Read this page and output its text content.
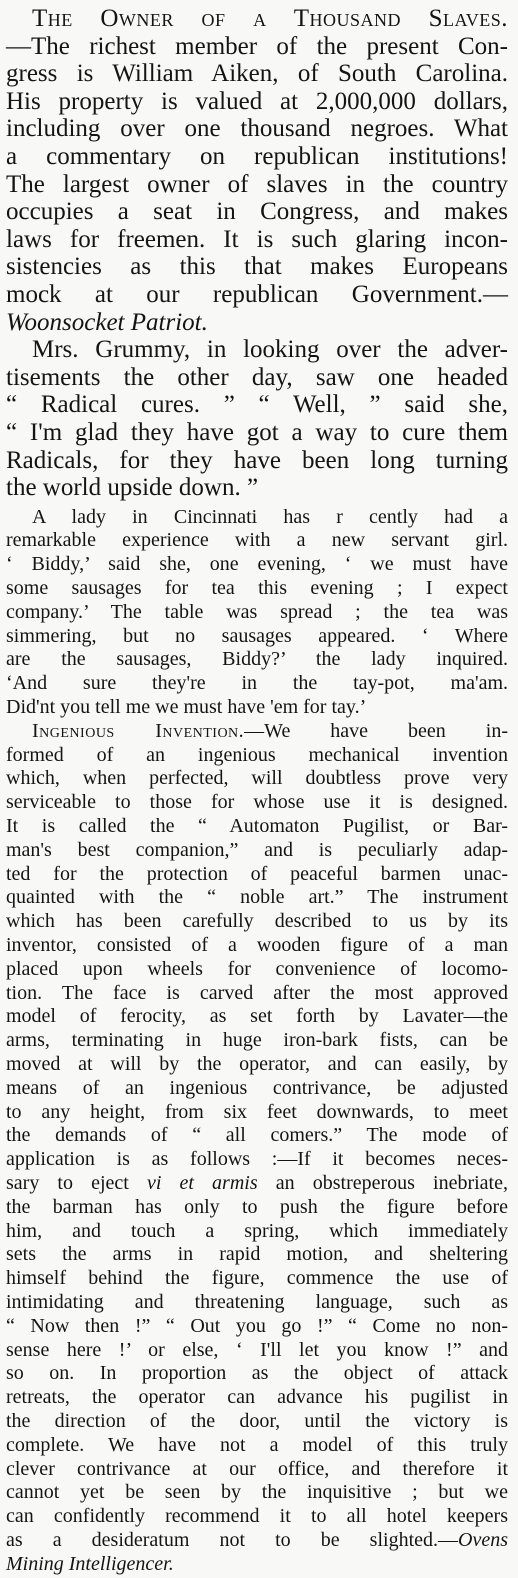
The Owner of a Thousand Slaves.
—The richest member of the present Con-
gress is William Aiken, of South Carolina.
His property is valued at 2,000,000 dollars,
including over one thousand negroes. What
a commentary on republican institutions!
The largest owner of slaves in the country
occupies a seat in Congress, and makes
laws for freemen. It is such glaring incon-
sistencies as this that makes Europeans
mock at our republican Government.—
Woonsocket Patriot.
Mrs. Grummy, in looking over the adver-
tisements the other day, saw one headed
“ Radical cures. ” “ Well, ” said she,
“ I'm glad they have got a way to cure them
Radicals, for they have been long turning
the world upside down. ”
A lady in Cincinnati has r cently had a
remarkable experience with a new servant girl.
‘ Biddy,’ said she, one evening, ‘ we must have
some sausages for tea this evening ; I expect
company.’ The table was spread ; the tea was
simmering, but no sausages appeared. ‘ Where
are the sausages, Biddy?’ the lady inquired.
‘And sure they're in the tay-pot, ma'am.
Did'nt you tell me we must have 'em for tay.’
Ingenious Invention.—We have been in-
formed of an ingenious mechanical invention
which, when perfected, will doubtless prove very
serviceable to those for whose use it is designed.
It is called the “ Automaton Pugilist, or Bar-
man's best companion,” and is peculiarly adap-
ted for the protection of peaceful barmen unac-
quainted with the “ noble art.” The instrument
which has been carefully described to us by its
inventor, consisted of a wooden figure of a man
placed upon wheels for convenience of locomo-
tion. The face is carved after the most approved
model of ferocity, as set forth by Lavater—the
arms, terminating in huge iron-bark fists, can be
moved at will by the operator, and can easily, by
means of an ingenious contrivance, be adjusted
to any height, from six feet downwards, to meet
the demands of “ all comers.” The mode of
application is as follows :—If it becomes neces-
sary to eject vi et armis an obstreperous inebriate,
the barman has only to push the figure before
him, and touch a spring, which immediately
sets the arms in rapid motion, and sheltering
himself behind the figure, commence the use of
intimidating and threatening language, such as
“ Now then !” “ Out you go !” “ Come no non-
sense here !’ or else, ‘ I'll let you know !” and
so on. In proportion as the object of attack
retreats, the operator can advance his pugilist in
the direction of the door, until the victory is
complete. We have not a model of this truly
clever contrivance at our office, and therefore it
cannot yet be seen by the inquisitive ; but we
can confidently recommend it to all hotel keepers
as a desideratum not to be slighted.—Ovens
Mining Intelligencer.
